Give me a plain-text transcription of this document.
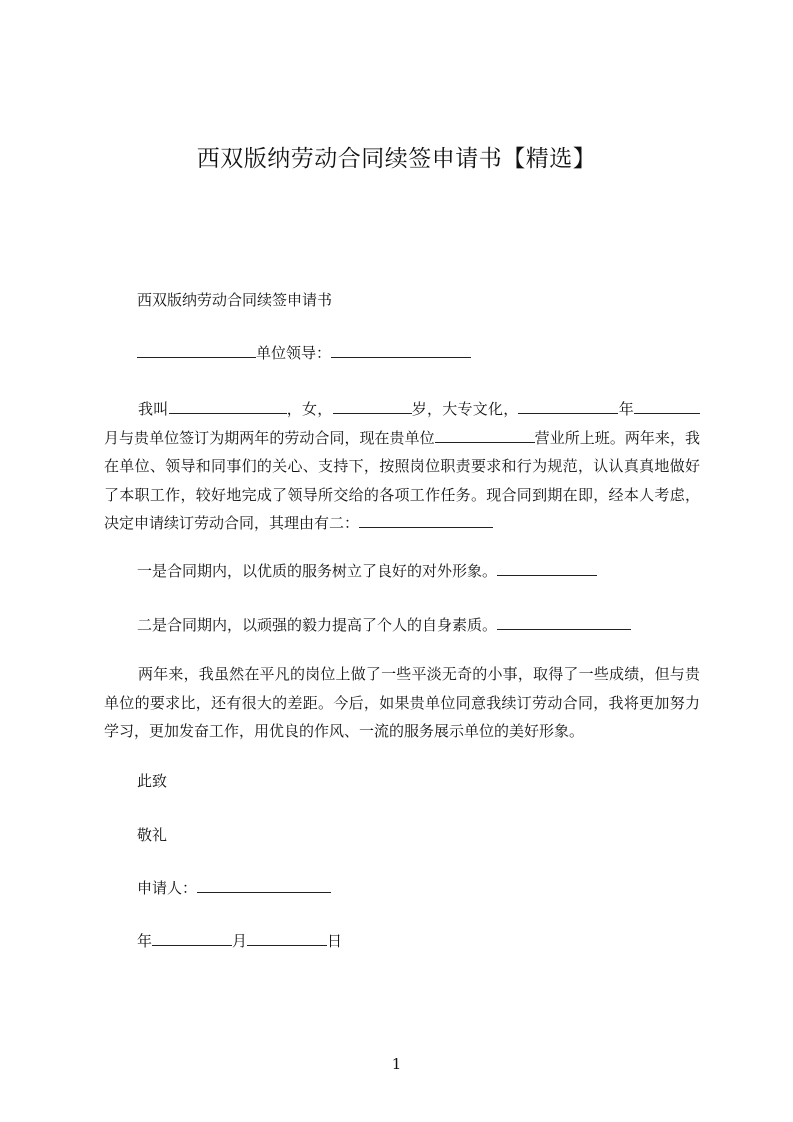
西双版纳劳动合同续签申请书【精选】
西双版纳劳动合同续签申请书
单位领导：
我叫	，女，	岁，大专文化，	年月与贵单位签订为期两年的劳动合同，现在贵单位	营业所上班。两年来，我在单位、领导和同事们的关心、支持下，按照岗位职责要求和行为规范，认认真真地做好了本职工作，较好地完成了领导所交给的各项工作任务。现合同到期在即，经本人考虑，决定申请续订劳动合同，其理由有二：
一是合同期内，以优质的服务树立了良好的对外形象。
二是合同期内，以顽强的毅力提高了个人的自身素质。
两年来，我虽然在平凡的岗位上做了一些平淡无奇的小事，取得了一些成绩，但与贵单位的要求比，还有很大的差距。今后，如果贵单位同意我续订劳动合同，我将更加努力学习，更加发奋工作，用优良的作风、一流的服务展示单位的美好形象。
此致
敬礼
申请人：
年	月	日
1
